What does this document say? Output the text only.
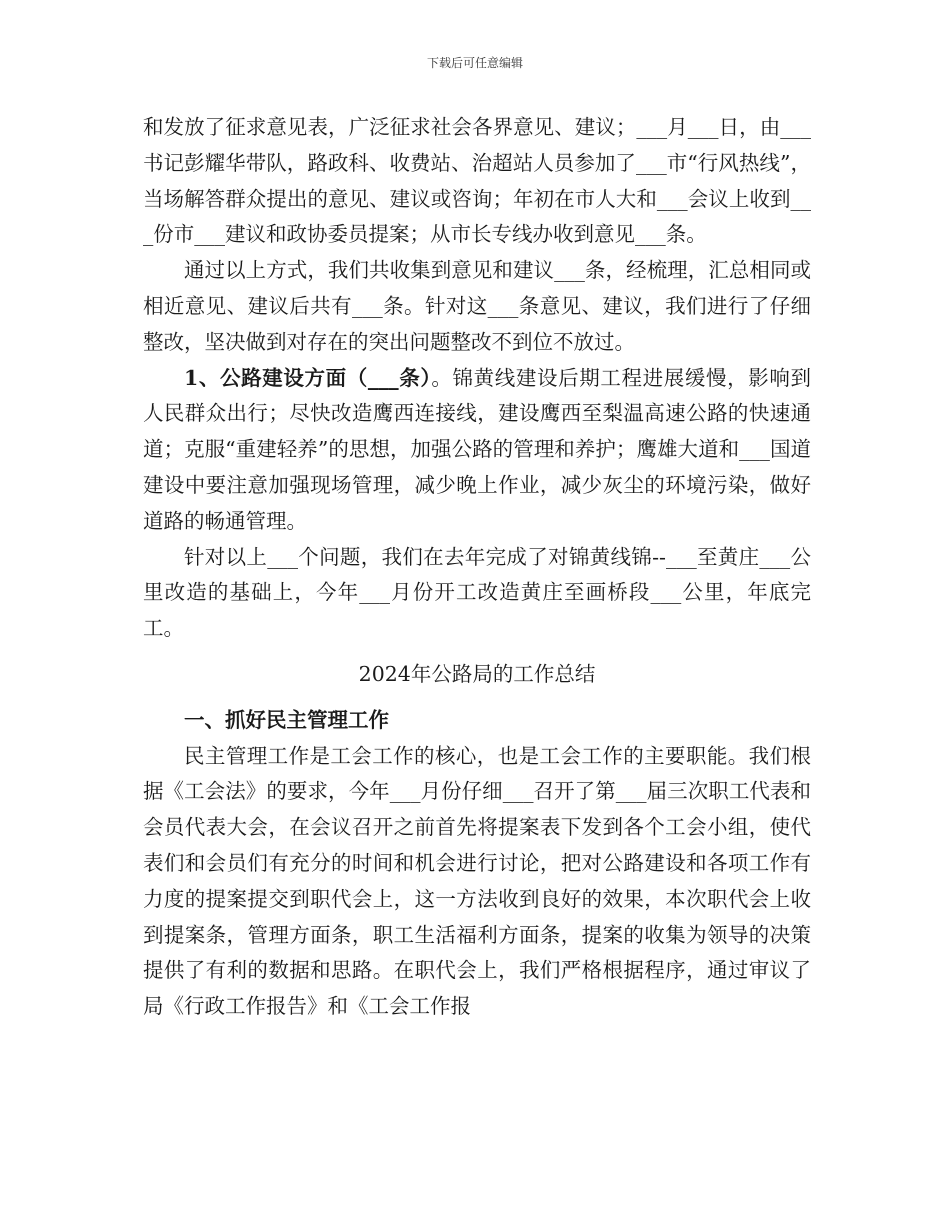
下载后可任意编辑

和发放了征求意见表，广泛征求社会各界意见、建议；___月___日，由___书记彭耀华带队，路政科、收费站、治超站人员参加了___市“行风热线”，当场解答群众提出的意见、建议或咨询；年初在市人大和___会议上收到___份市___建议和政协委员提案；从市长专线办收到意见___条。

通过以上方式，我们共收集到意见和建议___条，经梳理，汇总相同或相近意见、建议后共有___条。针对这___条意见、建议，我们进行了仔细整改，坚决做到对存在的突出问题整改不到位不放过。

1、公路建设方面（___条）。锦黄线建设后期工程进展缓慢，影响到人民群众出行；尽快改造鹰西连接线，建设鹰西至梨温高速公路的快速通道；克服“重建轻养”的思想，加强公路的管理和养护；鹰雄大道和___国道建设中要注意加强现场管理，减少晚上作业，减少灰尘的环境污染，做好道路的畅通管理。

针对以上___个问题，我们在去年完成了对锦黄线锦--___至黄庄___公里改造的基础上，今年___月份开工改造黄庄至画桥段___公里，年底完工。

2024年公路局的工作总结

一、抓好民主管理工作

民主管理工作是工会工作的核心，也是工会工作的主要职能。我们根据《工会法》的要求，今年___月份仔细___召开了第___届三次职工代表和会员代表大会，在会议召开之前首先将提案表下发到各个工会小组，使代表们和会员们有充分的时间和机会进行讨论，把对公路建设和各项工作有力度的提案提交到职代会上，这一方法收到良好的效果，本次职代会上收到提案条，管理方面条，职工生活福利方面条，提案的收集为领导的决策提供了有利的数据和思路。在职代会上，我们严格根据程序，通过审议了局《行政工作报告》和《工会工作报
